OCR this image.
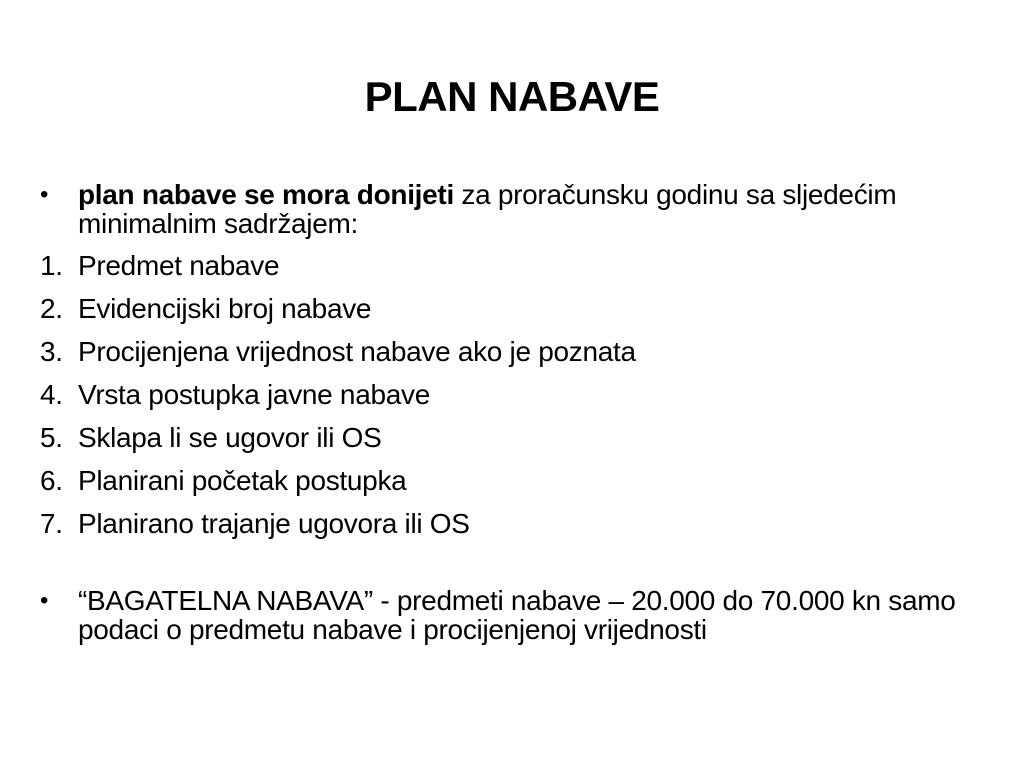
PLAN NABAVE
•	plan nabave se mora donijeti za proračunsku godinu sa sljedećim minimalnim sadržajem:
1. Predmet nabave
2. Evidencijski broj nabave
3. Procijenjena vrijednost nabave ako je poznata
4. Vrsta postupka javne nabave
5. Sklapa li se ugovor ili OS
6. Planirani početak postupka
7. Planirano trajanje ugovora ili OS
•	“BAGATELNA NABAVA” - predmeti nabave – 20.000 do 70.000 kn samo podaci o predmetu nabave i procijenjenoj vrijednosti
